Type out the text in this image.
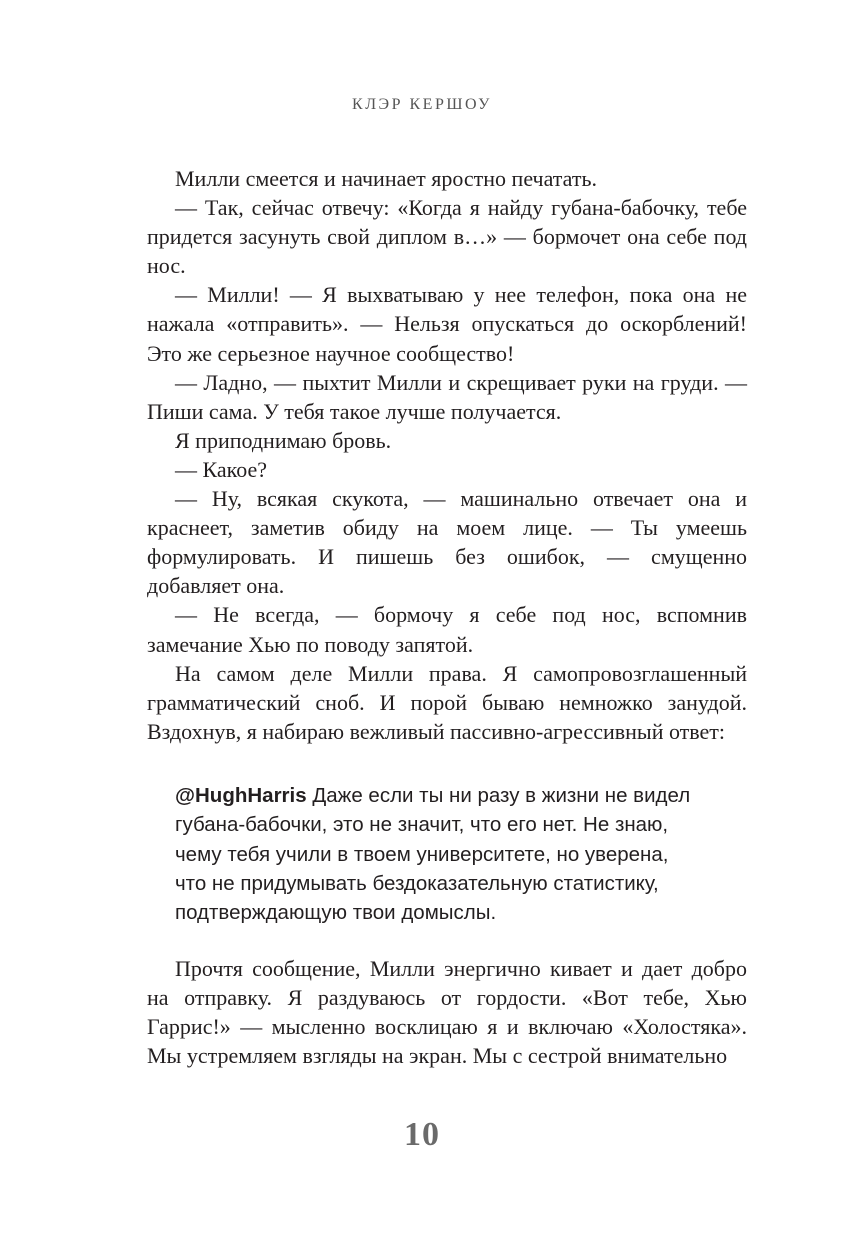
КЛЭР КЕРШОУ

Милли смеется и начинает яростно печатать.

— Так, сейчас отвечу: «Когда я найду губана-бабочку, тебе придется засунуть свой диплом в…» — бормочет она себе под нос.

— Милли! — Я выхватываю у нее телефон, пока она не нажала «отправить». — Нельзя опускаться до оскорблений! Это же серьезное научное сообщество!

— Ладно, — пыхтит Милли и скрещивает руки на груди. — Пиши сама. У тебя такое лучше получается.

Я приподнимаю бровь.

— Какое?

— Ну, всякая скукота, — машинально отвечает она и краснеет, заметив обиду на моем лице. — Ты умеешь формулировать. И пишешь без ошибок, — смущенно добавляет она.

— Не всегда, — бормочу я себе под нос, вспомнив замечание Хью по поводу запятой.

На самом деле Милли права. Я самопровозглашенный грамматический сноб. И порой бываю немножко занудой. Вздохнув, я набираю вежливый пассивно-агрессивный ответ:

@HughHarris Даже если ты ни разу в жизни не видел
губана-бабочки, это не значит, что его нет. Не знаю,
чему тебя учили в твоем университете, но уверена,
что не придумывать бездоказательную статистику,
подтверждающую твои домыслы.

Прочтя сообщение, Милли энергично кивает и дает добро на отправку. Я раздуваюсь от гордости. «Вот тебе, Хью Гаррис!» — мысленно восклицаю я и включаю «Холостяка». Мы устремляем взгляды на экран. Мы с сестрой внимательно

10
